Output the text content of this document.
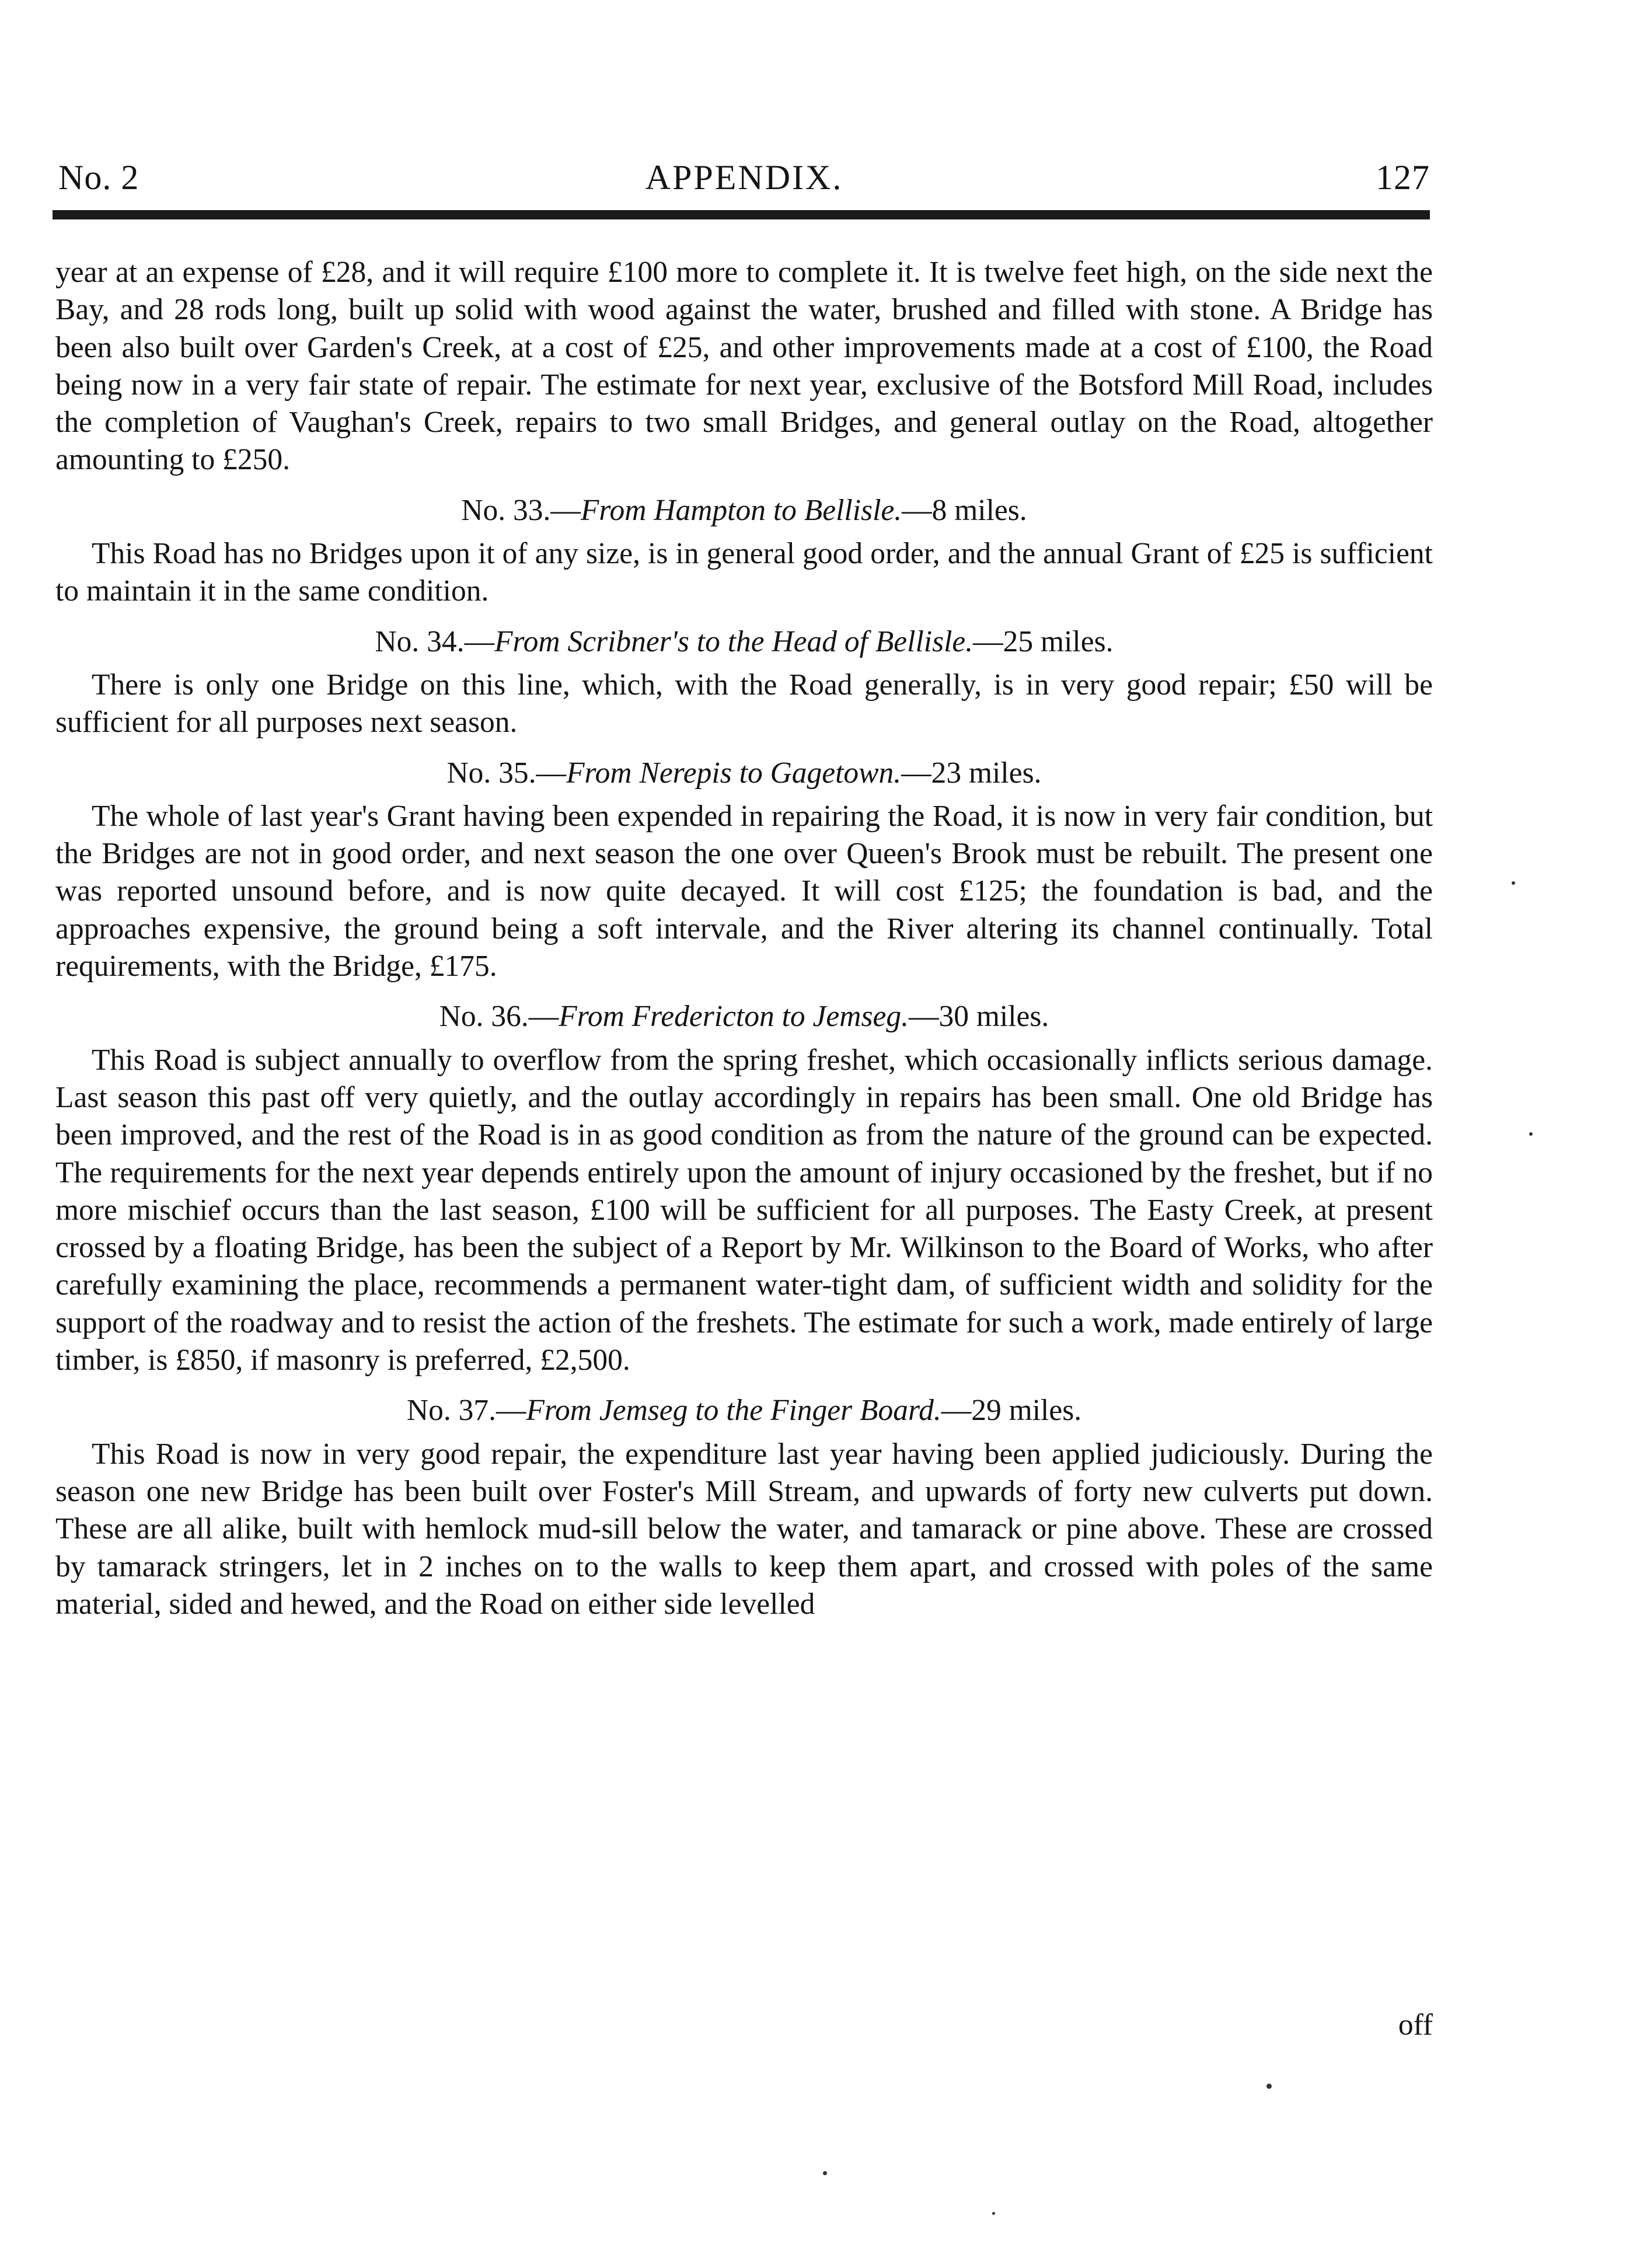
No. 2	APPENDIX.	127

year at an expense of £28, and it will require £100 more to complete it. It is twelve feet high, on the side next the Bay, and 28 rods long, built up solid with wood against the water, brushed and filled with stone. A Bridge has been also built over Garden's Creek, at a cost of £25, and other improvements made at a cost of £100, the Road being now in a very fair state of repair. The estimate for next year, exclusive of the Botsford Mill Road, includes the completion of Vaughan's Creek, repairs to two small Bridges, and general outlay on the Road, altogether amounting to £250.

No. 33.—From Hampton to Bellisle.—8 miles.

This Road has no Bridges upon it of any size, is in general good order, and the annual Grant of £25 is sufficient to maintain it in the same condition.

No. 34.—From Scribner's to the Head of Bellisle.—25 miles.

There is only one Bridge on this line, which, with the Road generally, is in very good repair; £50 will be sufficient for all purposes next season.

No. 35.—From Nerepis to Gagetown.—23 miles.

The whole of last year's Grant having been expended in repairing the Road, it is now in very fair condition, but the Bridges are not in good order, and next season the one over Queen's Brook must be rebuilt. The present one was reported unsound before, and is now quite decayed. It will cost £125; the foundation is bad, and the approaches expensive, the ground being a soft intervale, and the River altering its channel continually. Total requirements, with the Bridge, £175.

No. 36.—From Fredericton to Jemseg.—30 miles.

This Road is subject annually to overflow from the spring freshet, which occasionally inflicts serious damage. Last season this past off very quietly, and the outlay accordingly in repairs has been small. One old Bridge has been improved, and the rest of the Road is in as good condition as from the nature of the ground can be expected. The requirements for the next year depends entirely upon the amount of injury occasioned by the freshet, but if no more mischief occurs than the last season, £100 will be sufficient for all purposes. The Easty Creek, at present crossed by a floating Bridge, has been the subject of a Report by Mr. Wilkinson to the Board of Works, who after carefully examining the place, recommends a permanent water-tight dam, of sufficient width and solidity for the support of the roadway and to resist the action of the freshets. The estimate for such a work, made entirely of large timber, is £850, if masonry is preferred, £2,500.

No. 37.—From Jemseg to the Finger Board.—29 miles.

This Road is now in very good repair, the expenditure last year having been applied judiciously. During the season one new Bridge has been built over Foster's Mill Stream, and upwards of forty new culverts put down. These are all alike, built with hemlock mud-sill below the water, and tamarack or pine above. These are crossed by tamarack stringers, let in 2 inches on to the walls to keep them apart, and crossed with poles of the same material, sided and hewed, and the Road on either side levelled

off
